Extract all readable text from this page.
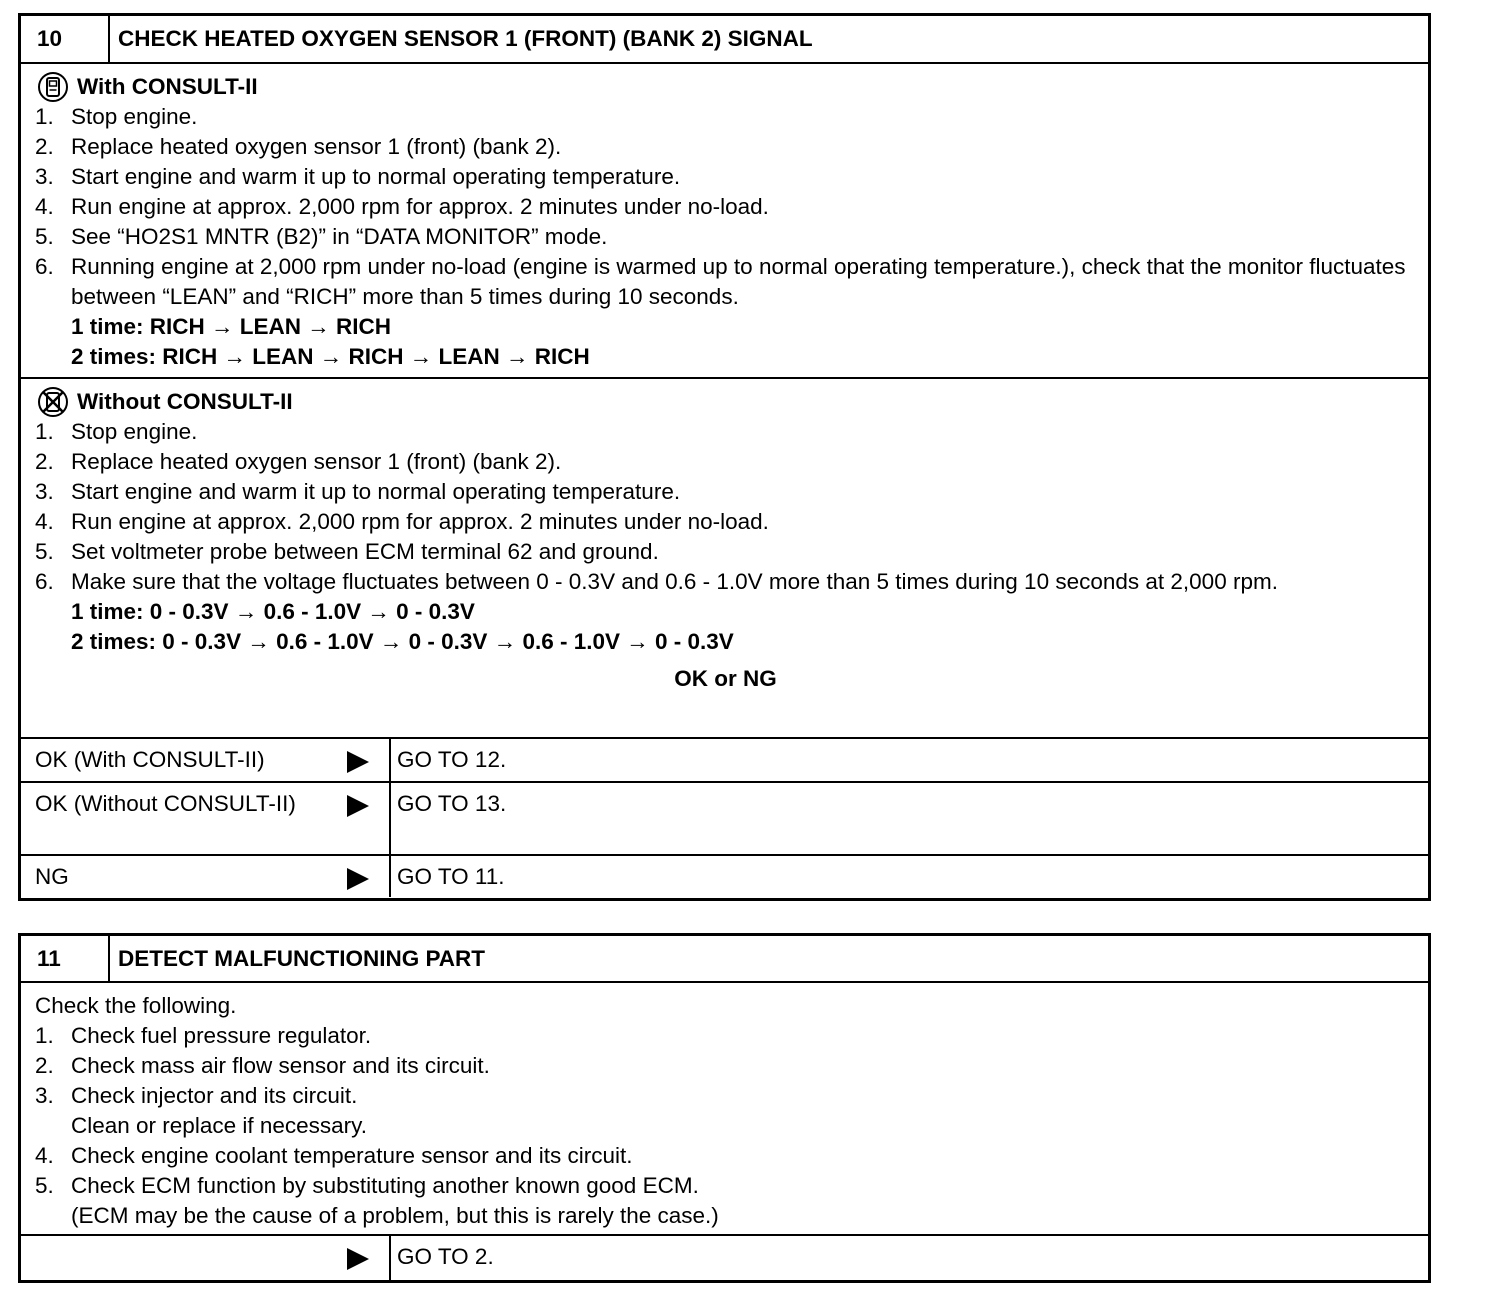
10	CHECK HEATED OXYGEN SENSOR 1 (FRONT) (BANK 2) SIGNAL
With CONSULT-II
1. Stop engine.
2. Replace heated oxygen sensor 1 (front) (bank 2).
3. Start engine and warm it up to normal operating temperature.
4. Run engine at approx. 2,000 rpm for approx. 2 minutes under no-load.
5. See “HO2S1 MNTR (B2)” in “DATA MONITOR” mode.
6. Running engine at 2,000 rpm under no-load (engine is warmed up to normal operating temperature.), check that the monitor fluctuates between “LEAN” and “RICH” more than 5 times during 10 seconds.
1 time: RICH → LEAN → RICH
2 times: RICH → LEAN → RICH → LEAN → RICH
Without CONSULT-II
1. Stop engine.
2. Replace heated oxygen sensor 1 (front) (bank 2).
3. Start engine and warm it up to normal operating temperature.
4. Run engine at approx. 2,000 rpm for approx. 2 minutes under no-load.
5. Set voltmeter probe between ECM terminal 62 and ground.
6. Make sure that the voltage fluctuates between 0 - 0.3V and 0.6 - 1.0V more than 5 times during 10 seconds at 2,000 rpm.
1 time: 0 - 0.3V → 0.6 - 1.0V → 0 - 0.3V
2 times: 0 - 0.3V → 0.6 - 1.0V → 0 - 0.3V → 0.6 - 1.0V → 0 - 0.3V
OK or NG
OK (With CONSULT-II)	GO TO 12.
OK (Without CONSULT-II)	GO TO 13.
NG	GO TO 11.
11	DETECT MALFUNCTIONING PART
Check the following.
1. Check fuel pressure regulator.
2. Check mass air flow sensor and its circuit.
3. Check injector and its circuit.
Clean or replace if necessary.
4. Check engine coolant temperature sensor and its circuit.
5. Check ECM function by substituting another known good ECM.
(ECM may be the cause of a problem, but this is rarely the case.)
GO TO 2.
